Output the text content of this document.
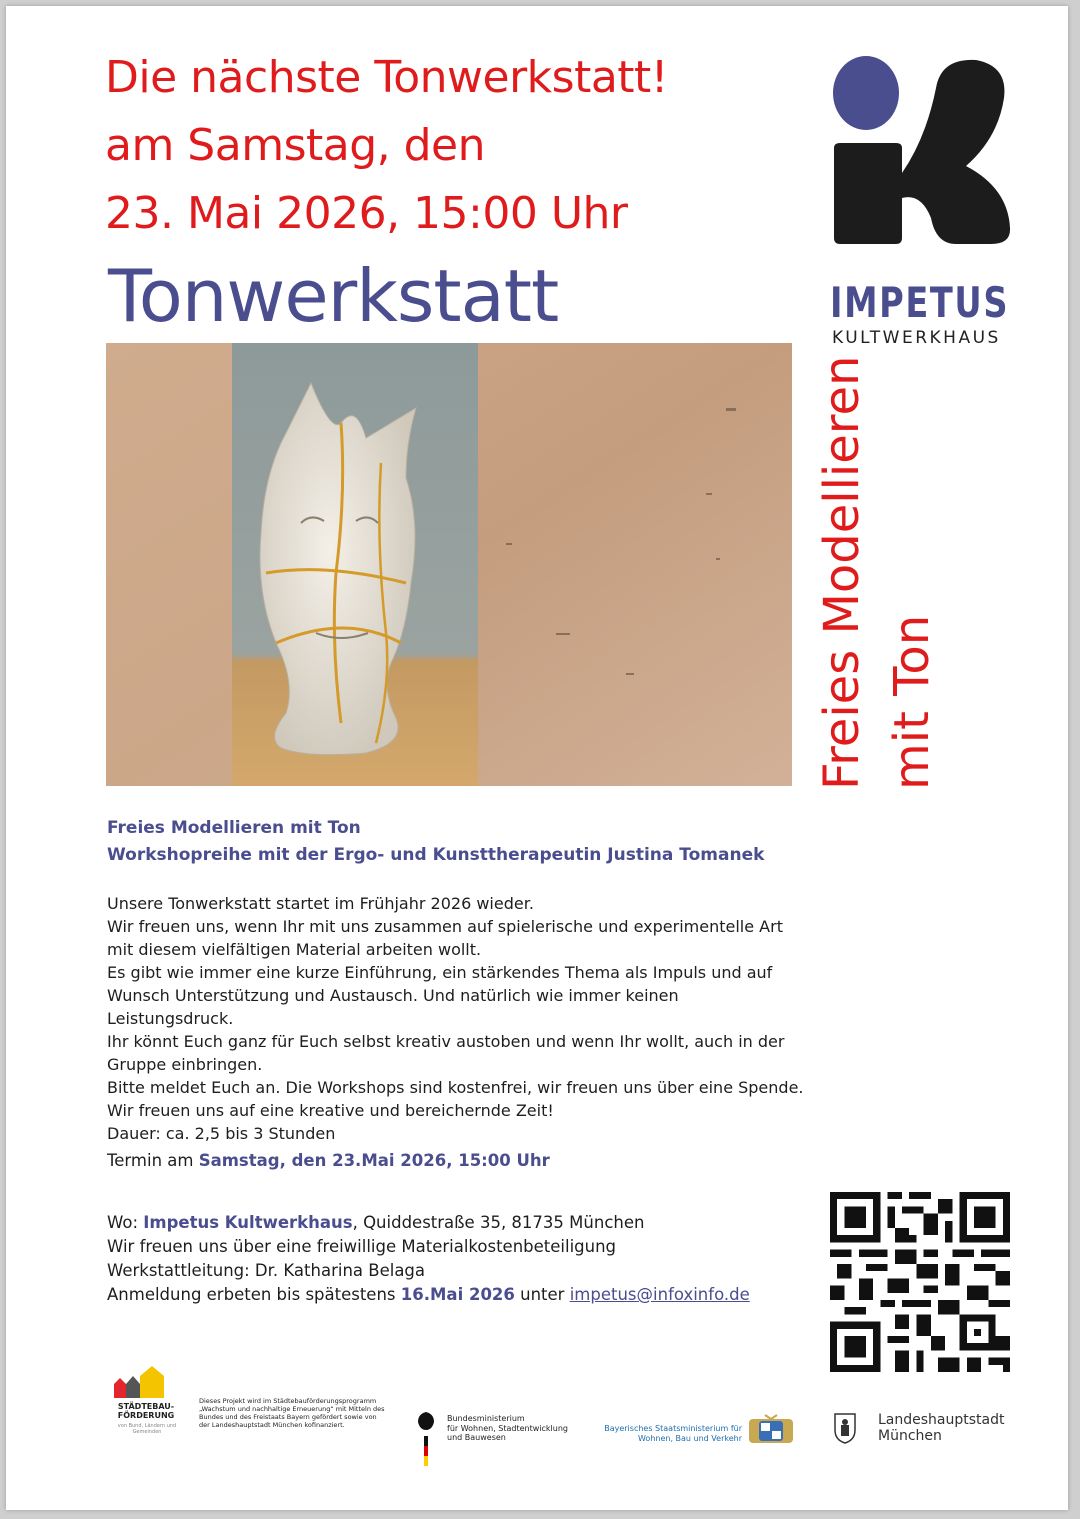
Die nächste Tonwerkstatt!
am Samstag, den
23. Mai 2026, 15:00 Uhr
Tonwerkstatt	IMPETUS
KULTWERKHAUS
Freies Modellieren mit Ton
Freies Modellieren mit Ton
Workshopreihe mit der Ergo- und Kunsttherapeutin Justina Tomanek

Unsere Tonwerkstatt startet im Frühjahr 2026 wieder.

Wir freuen uns, wenn Ihr mit uns zusammen auf spielerische und experimentelle Art mit diesem vielfältigen Material arbeiten wollt.

Es gibt wie immer eine kurze Einführung, ein stärkendes Thema als Impuls und auf Wunsch Unterstützung und Austausch. Und natürlich wie immer keinen Leistungsdruck.

Ihr könnt Euch ganz für Euch selbst kreativ austoben und wenn Ihr wollt, auch in der Gruppe einbringen.

Bitte meldet Euch an. Die Workshops sind kostenfrei, wir freuen uns über eine Spende.

Wir freuen uns auf eine kreative und bereichernde Zeit!

Dauer: ca. 2,5 bis 3 Stunden

Termin am Samstag, den 23.Mai 2026, 15:00 Uhr
Wo: Impetus Kultwerkhaus, Quiddestraße 35, 81735 München
Wir freuen uns über eine freiwillige Materialkostenbeteiligung
Werkstattleitung: Dr. Katharina Belaga
Anmeldung erbeten bis spätestens 16.Mai 2026 unter impetus@infoxinfo.de
STÄDTEBAU-
FÖRDERUNG
von Bund, Ländern und
Gemeinden
Dieses Projekt wird im Städtebauförderungsprogramm „Wachstum und nachhaltige Erneuerung“ mit Mitteln des Bundes und des Freistaats Bayern gefördert sowie von der Landeshauptstadt München kofinanziert.
Bundesministerium
für Wohnen, Stadtentwicklung
und Bauwesen
Bayerisches Staatsministerium für
Wohnen, Bau und Verkehr
Landeshauptstadt
München
